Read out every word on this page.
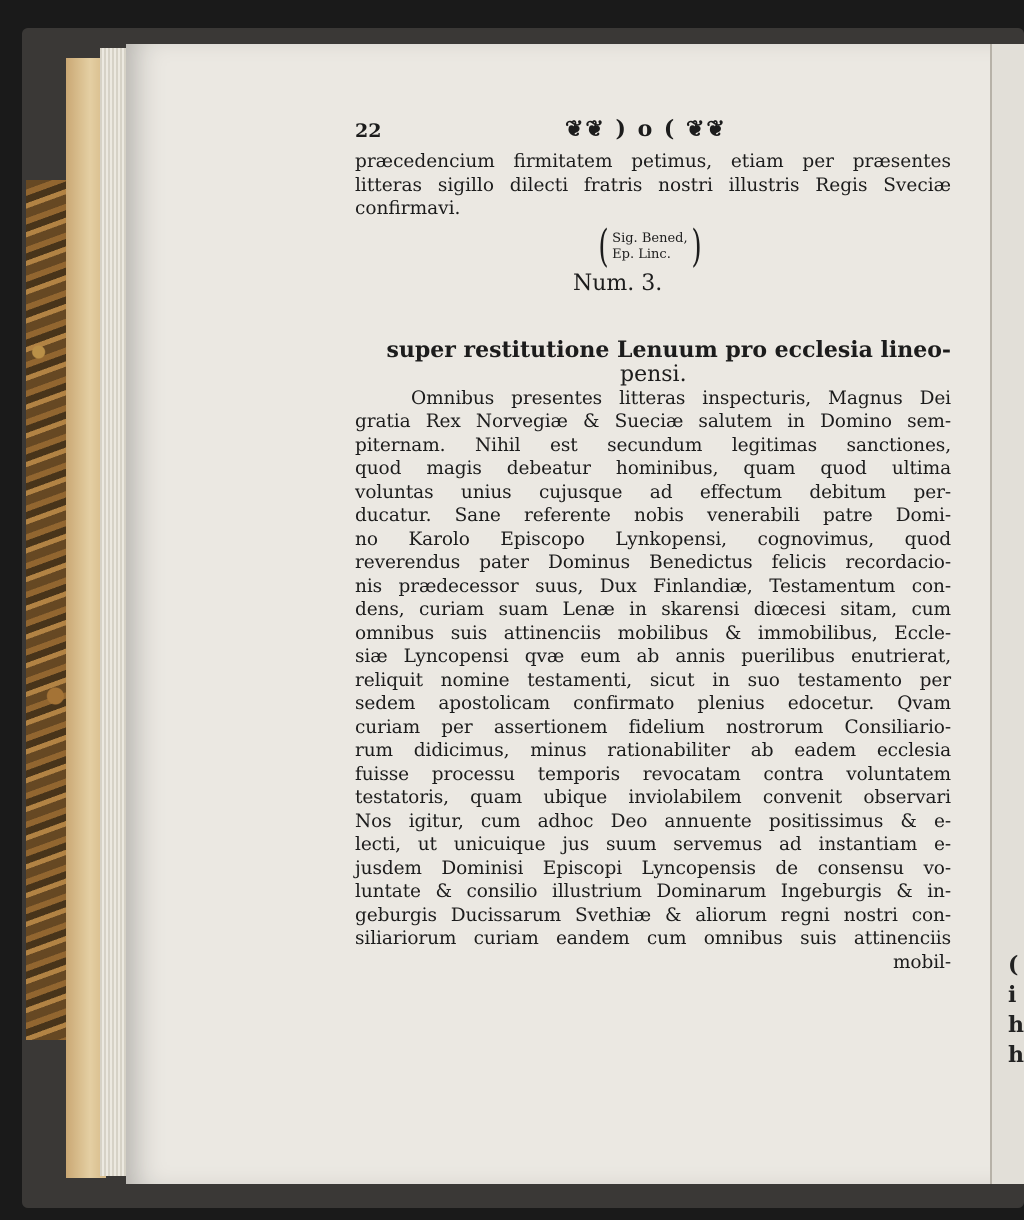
(
i
h
h
22	❦❦ ) o ( ❦❦

præcedencium firmitatem petimus, etiam per præsentes

litteras sigillo dilecti fratris nostri illustris Regis Sveciæ

confirmavi.

( Sig. Bened,
Ep. Linc. )
Num. 3.
super restitutione Lenuum pro ecclesia lineo-
pensi.

Omnibus presentes litteras inspecturis, Magnus Dei

gratia Rex Norvegiæ & Sueciæ salutem in Domino sem-

piternam. Nihil est secundum legitimas sanctiones,

quod magis debeatur hominibus, quam quod ultima

voluntas unius cujusque ad effectum debitum per-

ducatur. Sane referente nobis venerabili patre Domi-

no Karolo Episcopo Lynkopensi, cognovimus, quod

reverendus pater Dominus Benedictus felicis recordacio-

nis prædecessor suus, Dux Finlandiæ, Testamentum con-

dens, curiam suam Lenæ in skarensi diœcesi sitam, cum

omnibus suis attinenciis mobilibus & immobilibus, Eccle-

siæ Lyncopensi qvæ eum ab annis puerilibus enutrierat,

reliquit nomine testamenti, sicut in suo testamento per

sedem apostolicam confirmato plenius edocetur. Qvam

curiam per assertionem fidelium nostrorum Consiliario-

rum didicimus, minus rationabiliter ab eadem ecclesia

fuisse processu temporis revocatam contra voluntatem

testatoris, quam ubique inviolabilem convenit observari

Nos igitur, cum adhoc Deo annuente positissimus & e-

lecti, ut unicuique jus suum servemus ad instantiam e-

jusdem Dominisi Episcopi Lyncopensis de consensu vo-

luntate & consilio illustrium Dominarum Ingeburgis & in-

geburgis Ducissarum Svethiæ & aliorum regni nostri con-

siliariorum curiam eandem cum omnibus suis attinenciis

mobil-
